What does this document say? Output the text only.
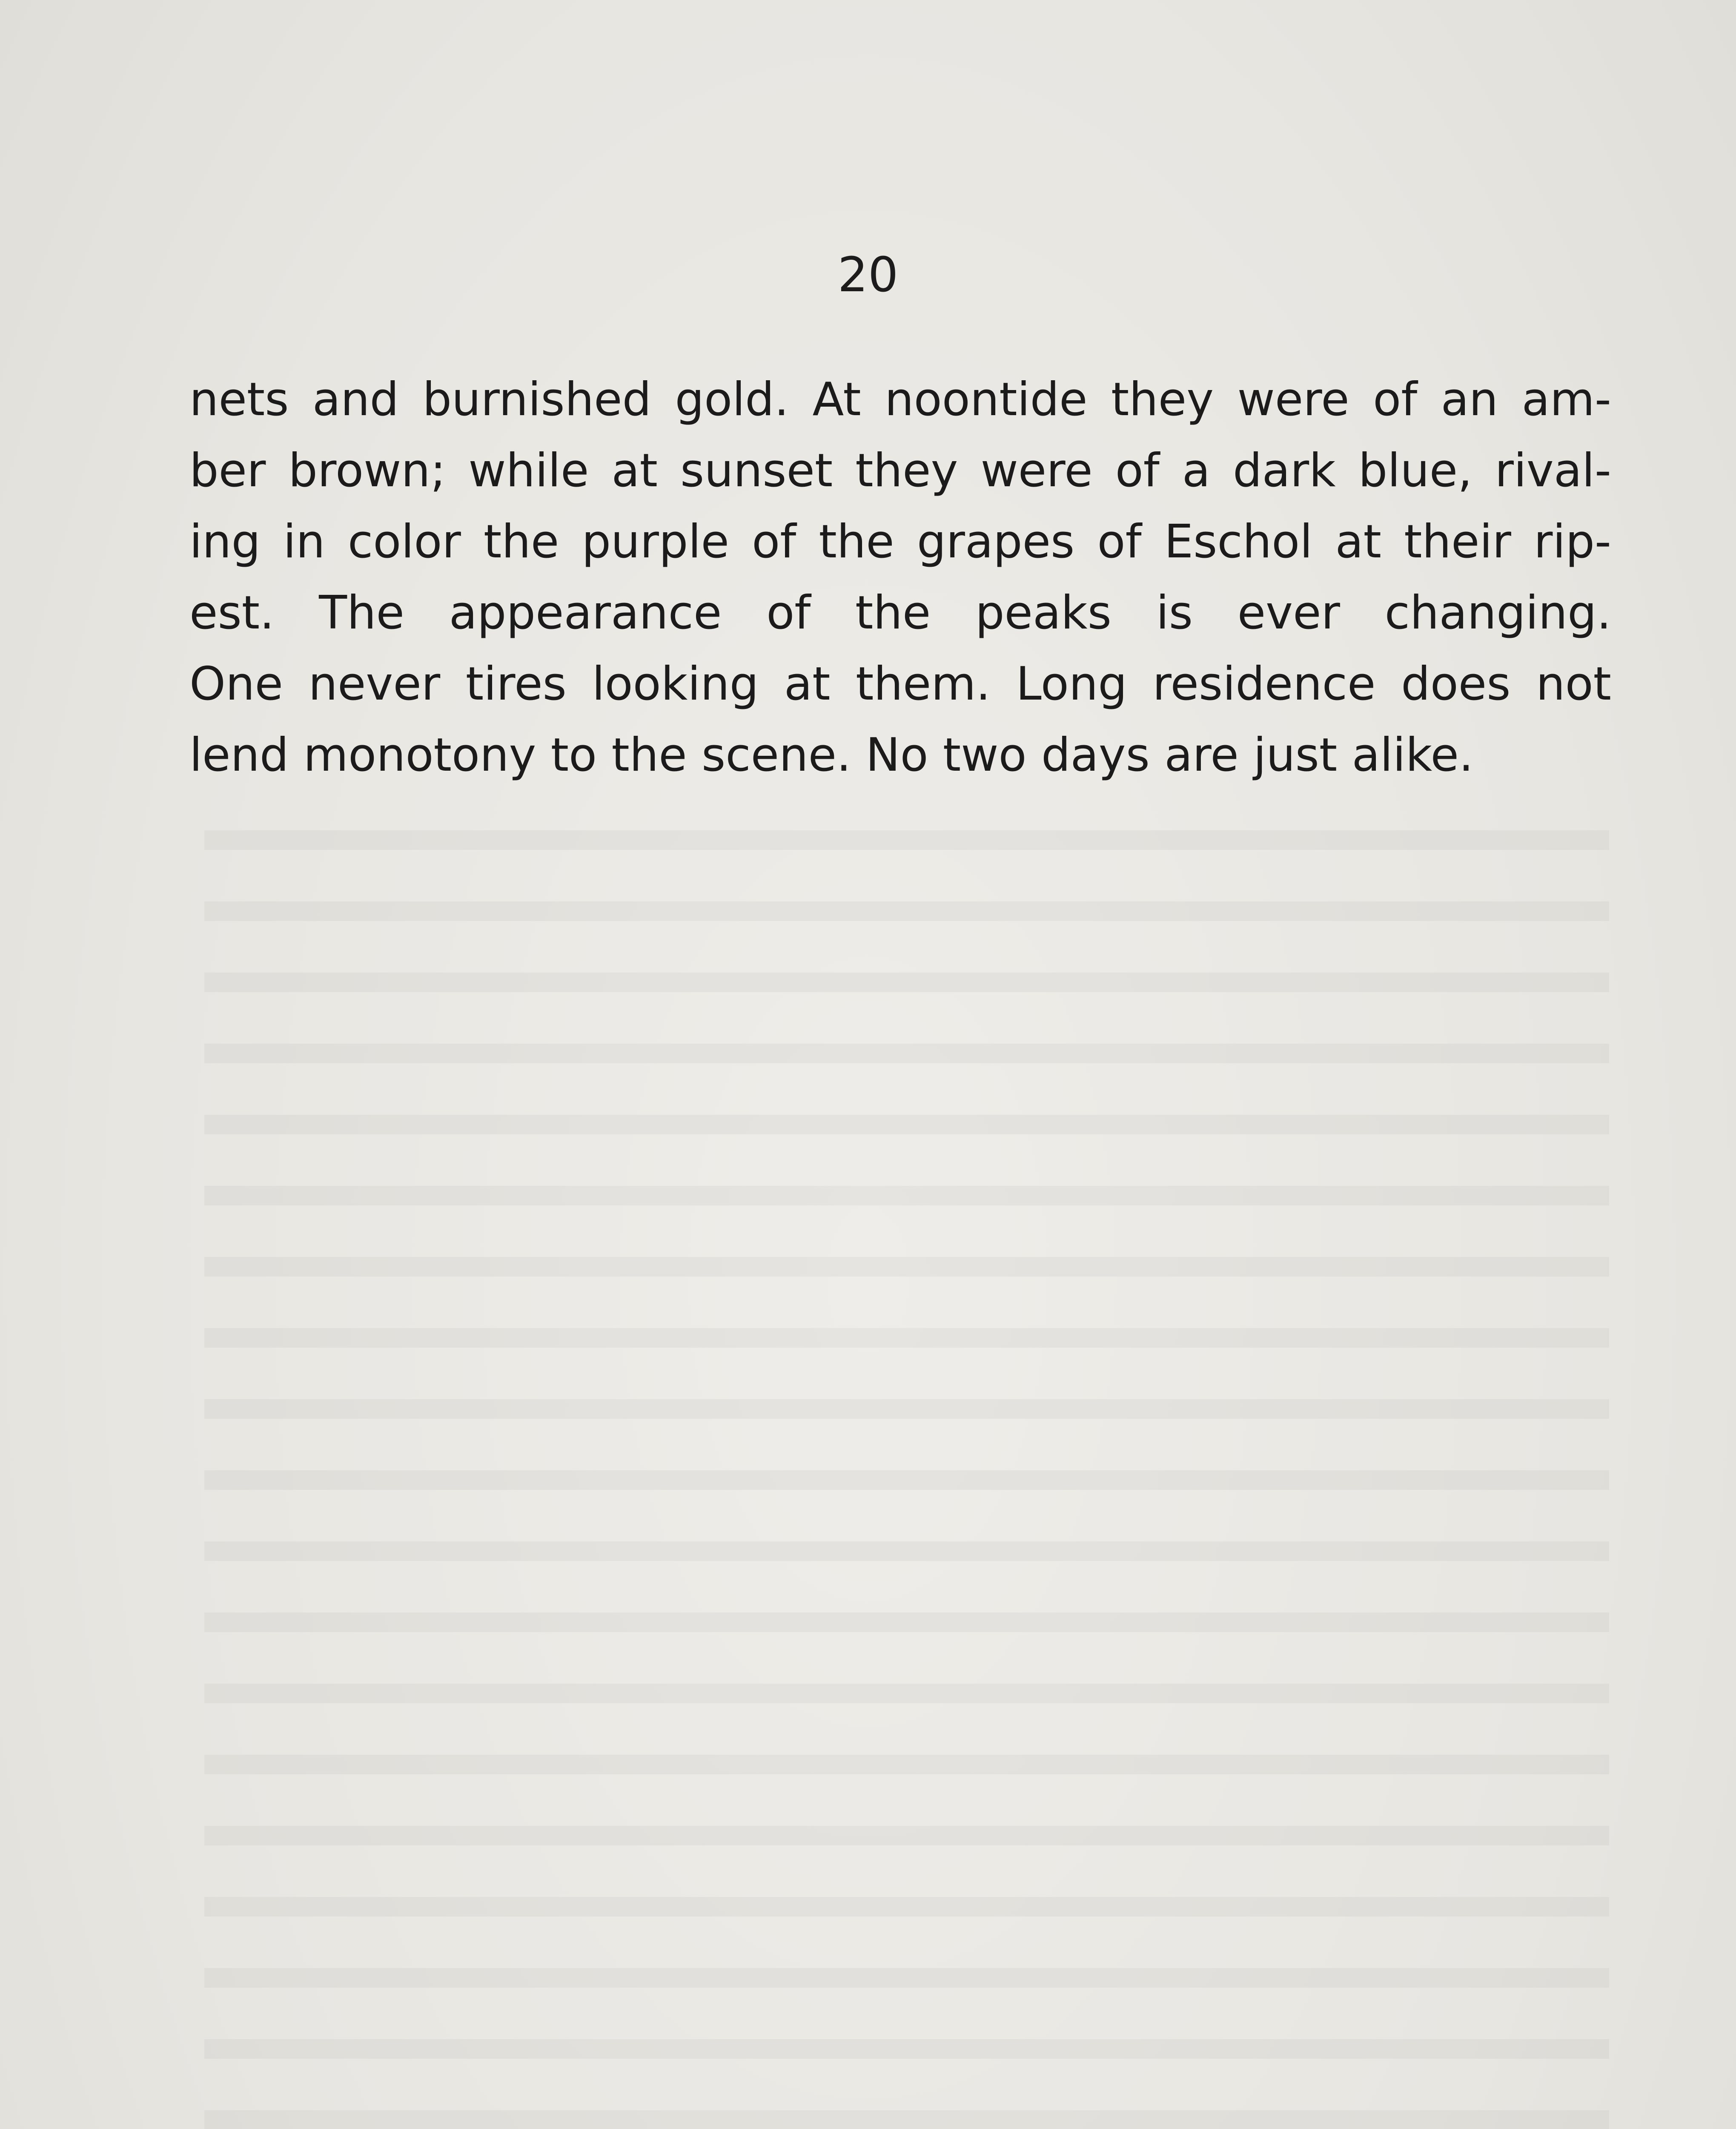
20
nets and burnished gold. At noontide they were of an am-
ber brown; while at sunset they were of a dark blue, rival-
ing in color the purple of the grapes of Eschol at their rip-
est. The appearance of the peaks is ever changing.
One never tires looking at them. Long residence does not
lend monotony to the scene. No two days are just alike.
